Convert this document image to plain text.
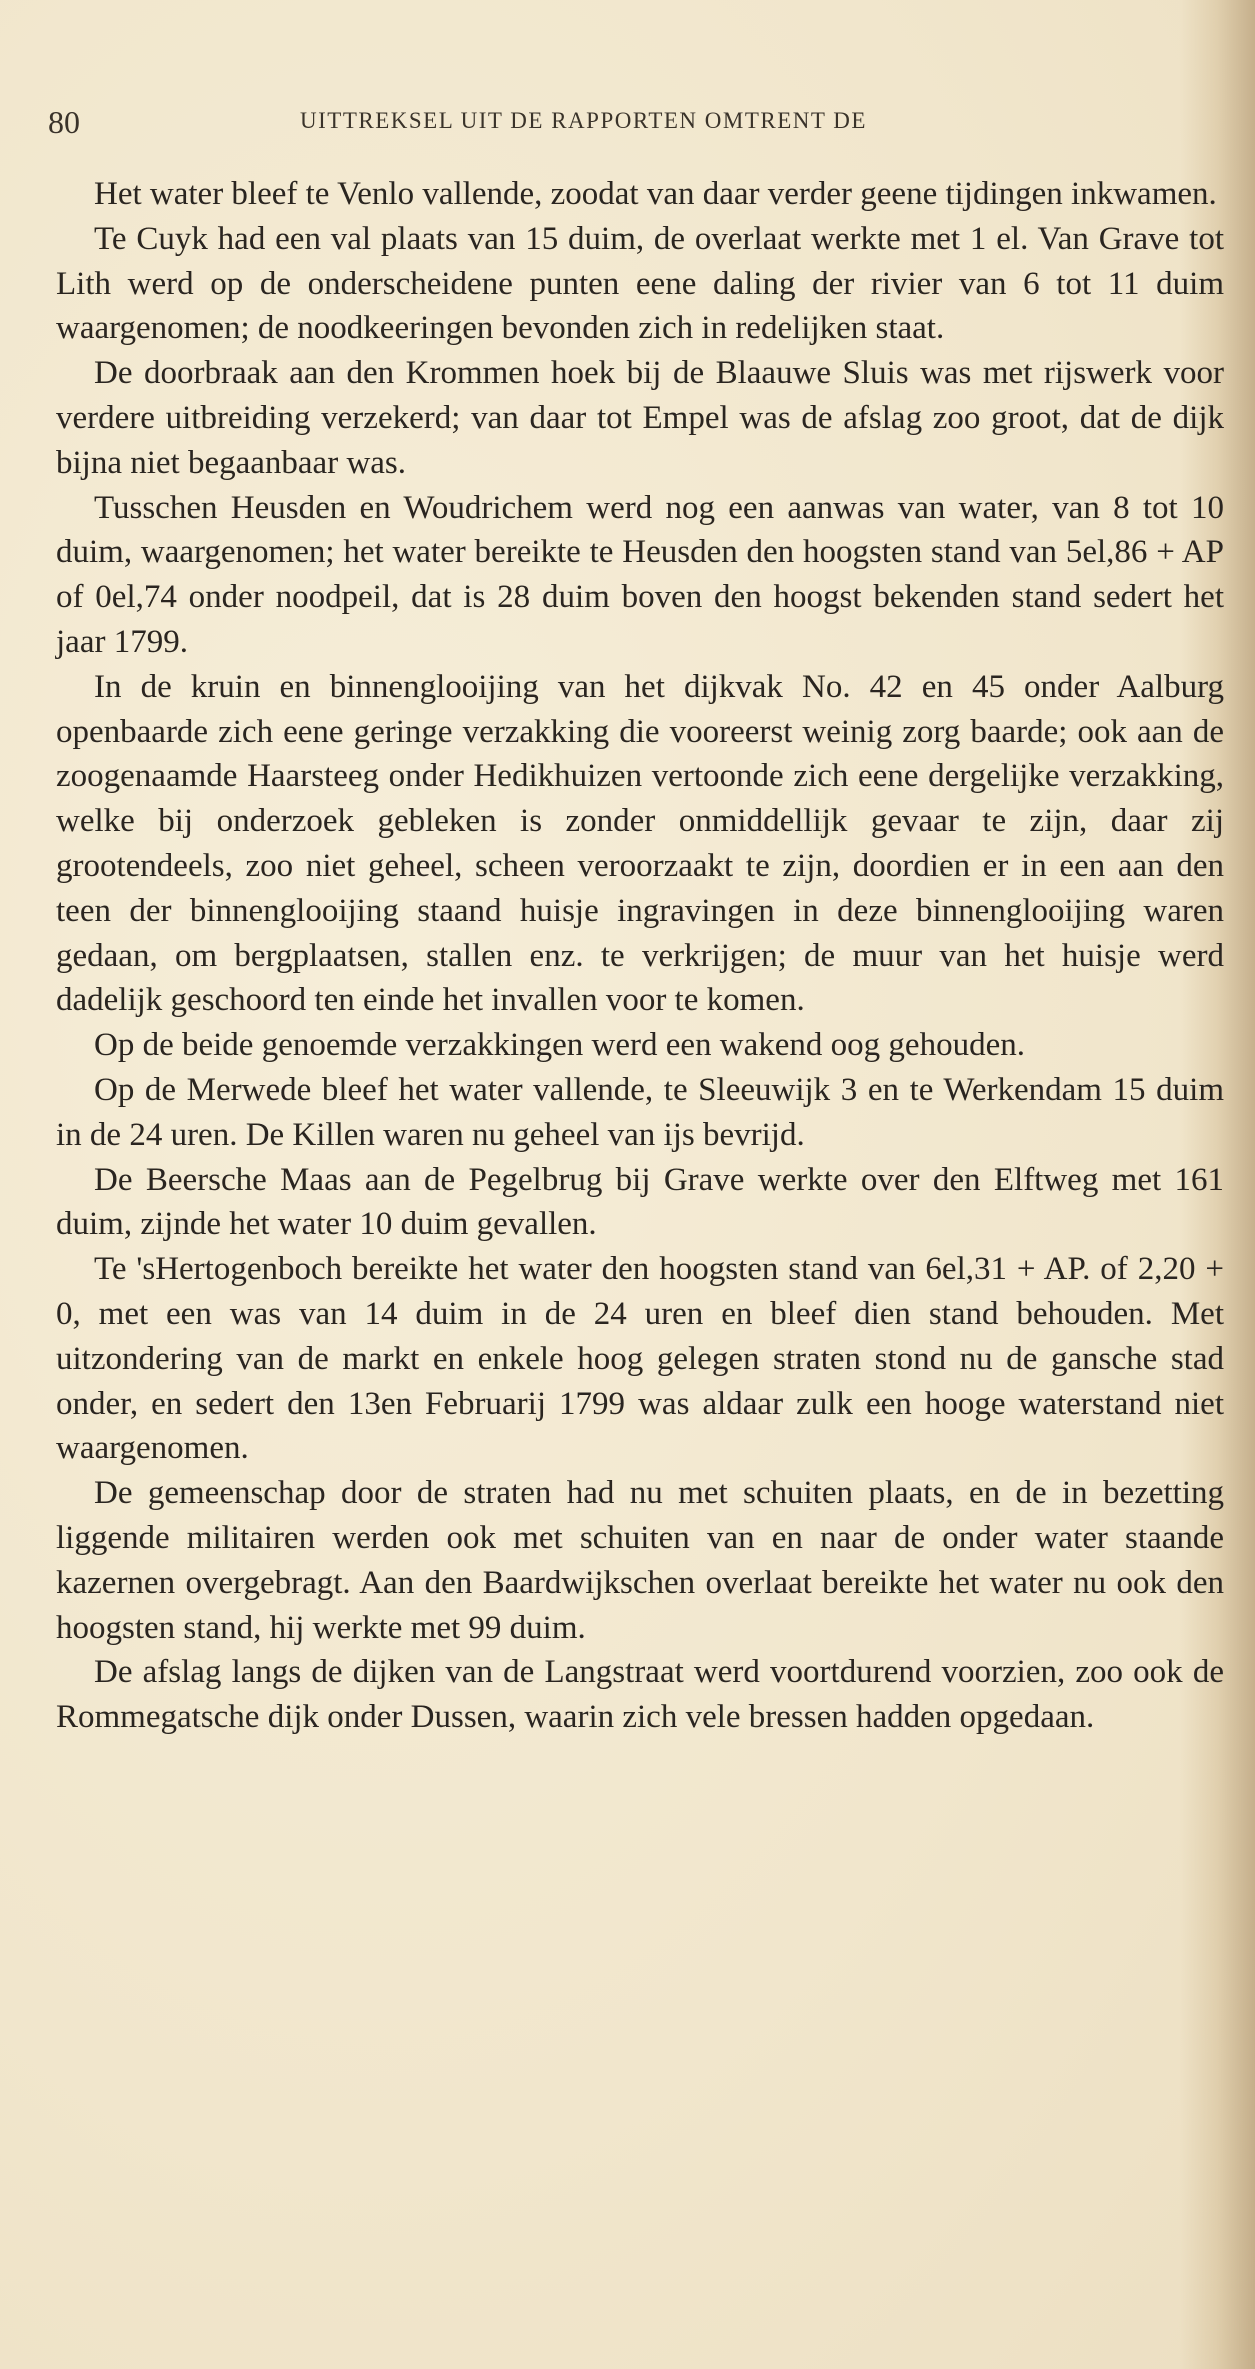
80	UITTREKSEL UIT DE RAPPORTEN OMTRENT DE

Het water bleef te Venlo vallende, zoodat van daar verder geene tijdingen inkwamen.

Te Cuyk had een val plaats van 15 duim, de overlaat werkte met 1 el. Van Grave tot Lith werd op de onderscheidene punten eene daling der rivier van 6 tot 11 duim waargenomen; de noodkeeringen bevonden zich in redelijken staat.

De doorbraak aan den Krommen hoek bij de Blaauwe Sluis was met rijswerk voor verdere uitbreiding verzekerd; van daar tot Empel was de afslag zoo groot, dat de dijk bijna niet begaanbaar was.

Tusschen Heusden en Woudrichem werd nog een aanwas van water, van 8 tot 10 duim, waargenomen; het water bereikte te Heusden den hoogsten stand van 5el,86 + AP of 0el,74 onder noodpeil, dat is 28 duim boven den hoogst bekenden stand sedert het jaar 1799.

In de kruin en binnenglooijing van het dijkvak No. 42 en 45 onder Aalburg openbaarde zich eene geringe verzakking die vooreerst weinig zorg baarde; ook aan de zoogenaamde Haarsteeg onder Hedikhuizen vertoonde zich eene dergelijke verzakking, welke bij onderzoek gebleken is zonder onmiddellijk gevaar te zijn, daar zij grootendeels, zoo niet geheel, scheen veroorzaakt te zijn, doordien er in een aan den teen der binnenglooijing staand huisje ingravingen in deze binnenglooijing waren gedaan, om bergplaatsen, stallen enz. te verkrijgen; de muur van het huisje werd dadelijk geschoord ten einde het invallen voor te komen.

Op de beide genoemde verzakkingen werd een wakend oog gehouden.

Op de Merwede bleef het water vallende, te Sleeuwijk 3 en te Werkendam 15 duim in de 24 uren. De Killen waren nu geheel van ijs bevrijd.

De Beersche Maas aan de Pegelbrug bij Grave werkte over den Elftweg met 161 duim, zijnde het water 10 duim gevallen.

Te 'sHertogenboch bereikte het water den hoogsten stand van 6el,31 + AP. of 2,20 + 0, met een was van 14 duim in de 24 uren en bleef dien stand behouden. Met uitzondering van de markt en enkele hoog gelegen straten stond nu de gansche stad onder, en sedert den 13en Februarij 1799 was aldaar zulk een hooge waterstand niet waargenomen.

De gemeenschap door de straten had nu met schuiten plaats, en de in bezetting liggende militairen werden ook met schuiten van en naar de onder water staande kazernen overgebragt. Aan den Baardwijkschen overlaat bereikte het water nu ook den hoogsten stand, hij werkte met 99 duim.

De afslag langs de dijken van de Langstraat werd voortdurend voorzien, zoo ook de Rommegatsche dijk onder Dussen, waarin zich vele bressen hadden opgedaan.
